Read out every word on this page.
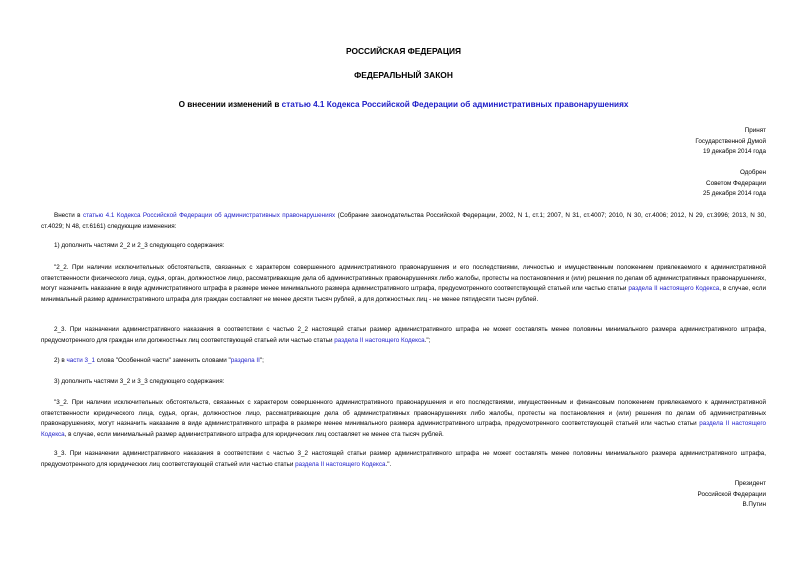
РОССИЙСКАЯ ФЕДЕРАЦИЯ
ФЕДЕРАЛЬНЫЙ ЗАКОН
О внесении изменений в статью 4.1 Кодекса Российской Федерации об административных правонарушениях
Принят
Государственной Думой
19 декабря 2014 года
Одобрен
Советом Федерации
25 декабря 2014 года
Внести в статью 4.1 Кодекса Российской Федерации об административных правонарушениях (Собрание законодательства Российской Федерации, 2002, N 1, ст.1; 2007, N 31, ст.4007; 2010, N 30, ст.4006; 2012, N 29, ст.3996; 2013, N 30, ст.4029; N 48, ст.6161) следующие изменения:
1) дополнить частями 2_2 и 2_3 следующего содержания:
"2_2. При наличии исключительных обстоятельств, связанных с характером совершенного административного правонарушения и его последствиями, личностью и имущественным положением привлекаемого к административной ответственности физического лица, судья, орган, должностное лицо, рассматривающие дела об административных правонарушениях либо жалобы, протесты на постановления и (или) решения по делам об административных правонарушениях, могут назначить наказание в виде административного штрафа в размере менее минимального размера административного штрафа, предусмотренного соответствующей статьей или частью статьи раздела II настоящего Кодекса, в случае, если минимальный размер административного штрафа для граждан составляет не менее десяти тысяч рублей, а для должностных лиц - не менее пятидесяти тысяч рублей.
2_3. При назначении административного наказания в соответствии с частью 2_2 настоящей статьи размер административного штрафа не может составлять менее половины минимального размера административного штрафа, предусмотренного для граждан или должностных лиц соответствующей статьей или частью статьи раздела II настоящего Кодекса.";
2) в части 3_1 слова "Особенной части" заменить словами "раздела II";
3) дополнить частями 3_2 и 3_3 следующего содержания:
"3_2. При наличии исключительных обстоятельств, связанных с характером совершенного административного правонарушения и его последствиями, имущественным и финансовым положением привлекаемого к административной ответственности юридического лица, судья, орган, должностное лицо, рассматривающие дела об административных правонарушениях либо жалобы, протесты на постановления и (или) решения по делам об административных правонарушениях, могут назначить наказание в виде административного штрафа в размере менее минимального размера административного штрафа, предусмотренного соответствующей статьей или частью статьи раздела II настоящего Кодекса, в случае, если минимальный размер административного штрафа для юридических лиц составляет не менее ста тысяч рублей.
3_3. При назначении административного наказания в соответствии с частью 3_2 настоящей статьи размер административного штрафа не может составлять менее половины минимального размера административного штрафа, предусмотренного для юридических лиц соответствующей статьей или частью статьи раздела II настоящего Кодекса.".
Президент
Российской Федерации
В.Путин
